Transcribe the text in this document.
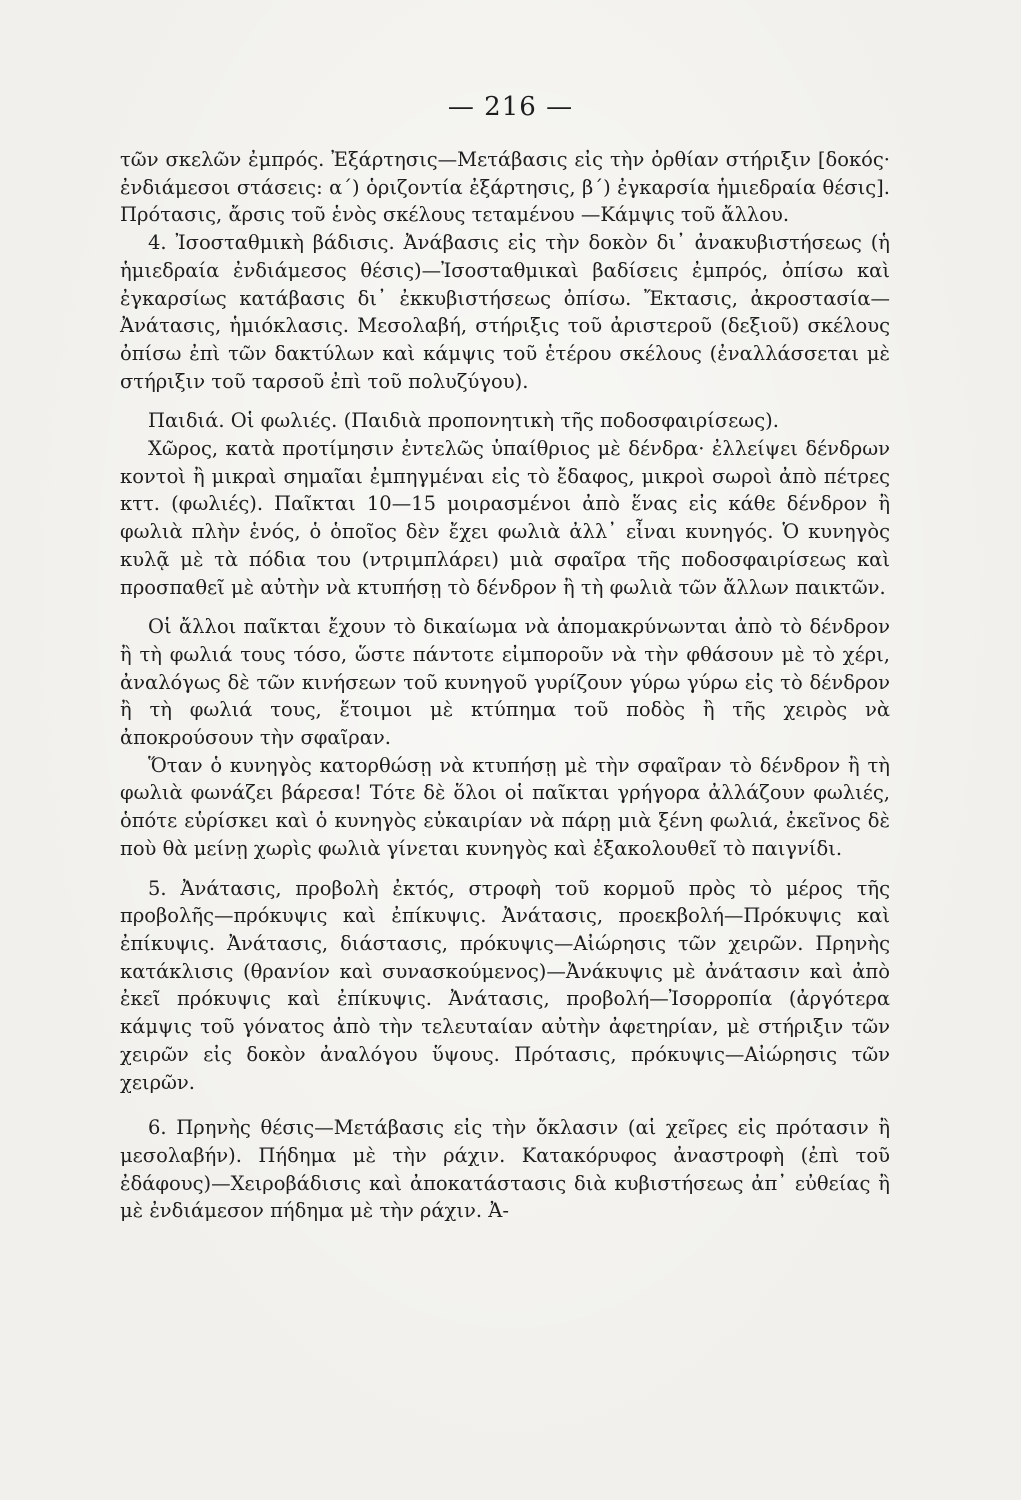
— 216 —

τῶν σκελῶν ἐμπρός. Ἐξάρτησις—Μετάβασις εἰς τὴν ὀρθίαν στήριξιν [δοκός· ἐνδιάμεσοι στάσεις: α΄) ὁριζοντία ἐξάρτησις, β΄) ἐγκαρσία ἡμιεδραία θέσις]. Πρότασις, ἄρσις τοῦ ἑνὸς σκέλους τεταμένου —Κάμψις τοῦ ἄλλου.

4. Ἰσοσταθμικὴ βάδισις. Ἀνάβασις εἰς τὴν δοκὸν δι᾿ ἀνακυβιστήσεως (ἡ ἡμιεδραία ἐνδιάμεσος θέσις)—Ἰσοσταθμικαὶ βαδίσεις ἐμπρός, ὀπίσω καὶ ἐγκαρσίως κατάβασις δι᾿ ἐκκυβιστήσεως ὀπίσω. Ἔκτασις, ἀκροστασία—Ἀνάτασις, ἡμιόκλασις. Μεσολαβή, στήριξις τοῦ ἀριστεροῦ (δεξιοῦ) σκέλους ὀπίσω ἐπὶ τῶν δακτύλων καὶ κάμψις τοῦ ἑτέρου σκέλους (ἐναλλάσσεται μὲ στήριξιν τοῦ ταρσοῦ ἐπὶ τοῦ πολυζύγου).

Παιδιά. Οἱ φωλιές. (Παιδιὰ προπονητικὴ τῆς ποδοσφαιρίσεως).

Χῶρος, κατὰ προτίμησιν ἐντελῶς ὑπαίθριος μὲ δένδρα· ἐλλείψει δένδρων κοντοὶ ἢ μικραὶ σημαῖαι ἐμπηγμέναι εἰς τὸ ἔδαφος, μικροὶ σωροὶ ἀπὸ πέτρες κττ. (φωλιές). Παῖκται 10—15 μοιρασμένοι ἀπὸ ἕνας εἰς κάθε δένδρον ἢ φωλιὰ πλὴν ἑνός, ὁ ὁποῖος δὲν ἔχει φωλιὰ ἀλλ᾿ εἶναι κυνηγός. Ὁ κυνηγὸς κυλᾷ μὲ τὰ πόδια του (ντριμπλάρει) μιὰ σφαῖρα τῆς ποδοσφαιρίσεως καὶ προσπαθεῖ μὲ αὐτὴν νὰ κτυπήσῃ τὸ δένδρον ἢ τὴ φωλιὰ τῶν ἄλλων παικτῶν.

Οἱ ἄλλοι παῖκται ἔχουν τὸ δικαίωμα νὰ ἀπομακρύνωνται ἀπὸ τὸ δένδρον ἢ τὴ φωλιά τους τόσο, ὥστε πάντοτε εἰμποροῦν νὰ τὴν φθάσουν μὲ τὸ χέρι, ἀναλόγως δὲ τῶν κινήσεων τοῦ κυνηγοῦ γυρίζουν γύρω γύρω εἰς τὸ δένδρον ἢ τὴ φωλιά τους, ἕτοιμοι μὲ κτύπημα τοῦ ποδὸς ἢ τῆς χειρὸς νὰ ἀποκρούσουν τὴν σφαῖραν.

Ὅταν ὁ κυνηγὸς κατορθώσῃ νὰ κτυπήσῃ μὲ τὴν σφαῖραν τὸ δένδρον ἢ τὴ φωλιὰ φωνάζει βάρεσα! Τότε δὲ ὅλοι οἱ παῖκται γρήγορα ἀλλάζουν φωλιές, ὁπότε εὑρίσκει καὶ ὁ κυνηγὸς εὐκαιρίαν νὰ πάρῃ μιὰ ξένη φωλιά, ἐκεῖνος δὲ ποὺ θὰ μείνῃ χωρὶς φωλιὰ γίνεται κυνηγὸς καὶ ἐξακολουθεῖ τὸ παιγνίδι.

5. Ἀνάτασις, προβολὴ ἐκτός, στροφὴ τοῦ κορμοῦ πρὸς τὸ μέρος τῆς προβολῆς—πρόκυψις καὶ ἐπίκυψις. Ἀνάτασις, προεκβολή—Πρόκυψις καὶ ἐπίκυψις. Ἀνάτασις, διάστασις, πρόκυψις—Αἰώρησις τῶν χειρῶν. Πρηνὴς κατάκλισις (θρανίον καὶ συνασκούμενος)—Ἀνάκυψις μὲ ἀνάτασιν καὶ ἀπὸ ἐκεῖ πρόκυψις καὶ ἐπίκυψις. Ἀνάτασις, προβολή—Ἰσορροπία (ἀργότερα κάμψις τοῦ γόνατος ἀπὸ τὴν τελευταίαν αὐτὴν ἀφετηρίαν, μὲ στήριξιν τῶν χειρῶν εἰς δοκὸν ἀναλόγου ὕψους. Πρότασις, πρόκυψις—Αἰώρησις τῶν χειρῶν.

6. Πρηνὴς θέσις—Μετάβασις εἰς τὴν ὄκλασιν (αἱ χεῖρες εἰς πρότασιν ἢ μεσολαβήν). Πήδημα μὲ τὴν ράχιν. Κατακόρυφος ἀναστροφὴ (ἐπὶ τοῦ ἐδάφους)—Χειροβάδισις καὶ ἀποκατάστασις διὰ κυβιστήσεως ἀπ᾿ εὐθείας ἢ μὲ ἐνδιάμεσον πήδημα μὲ τὴν ράχιν. Ἀ-
